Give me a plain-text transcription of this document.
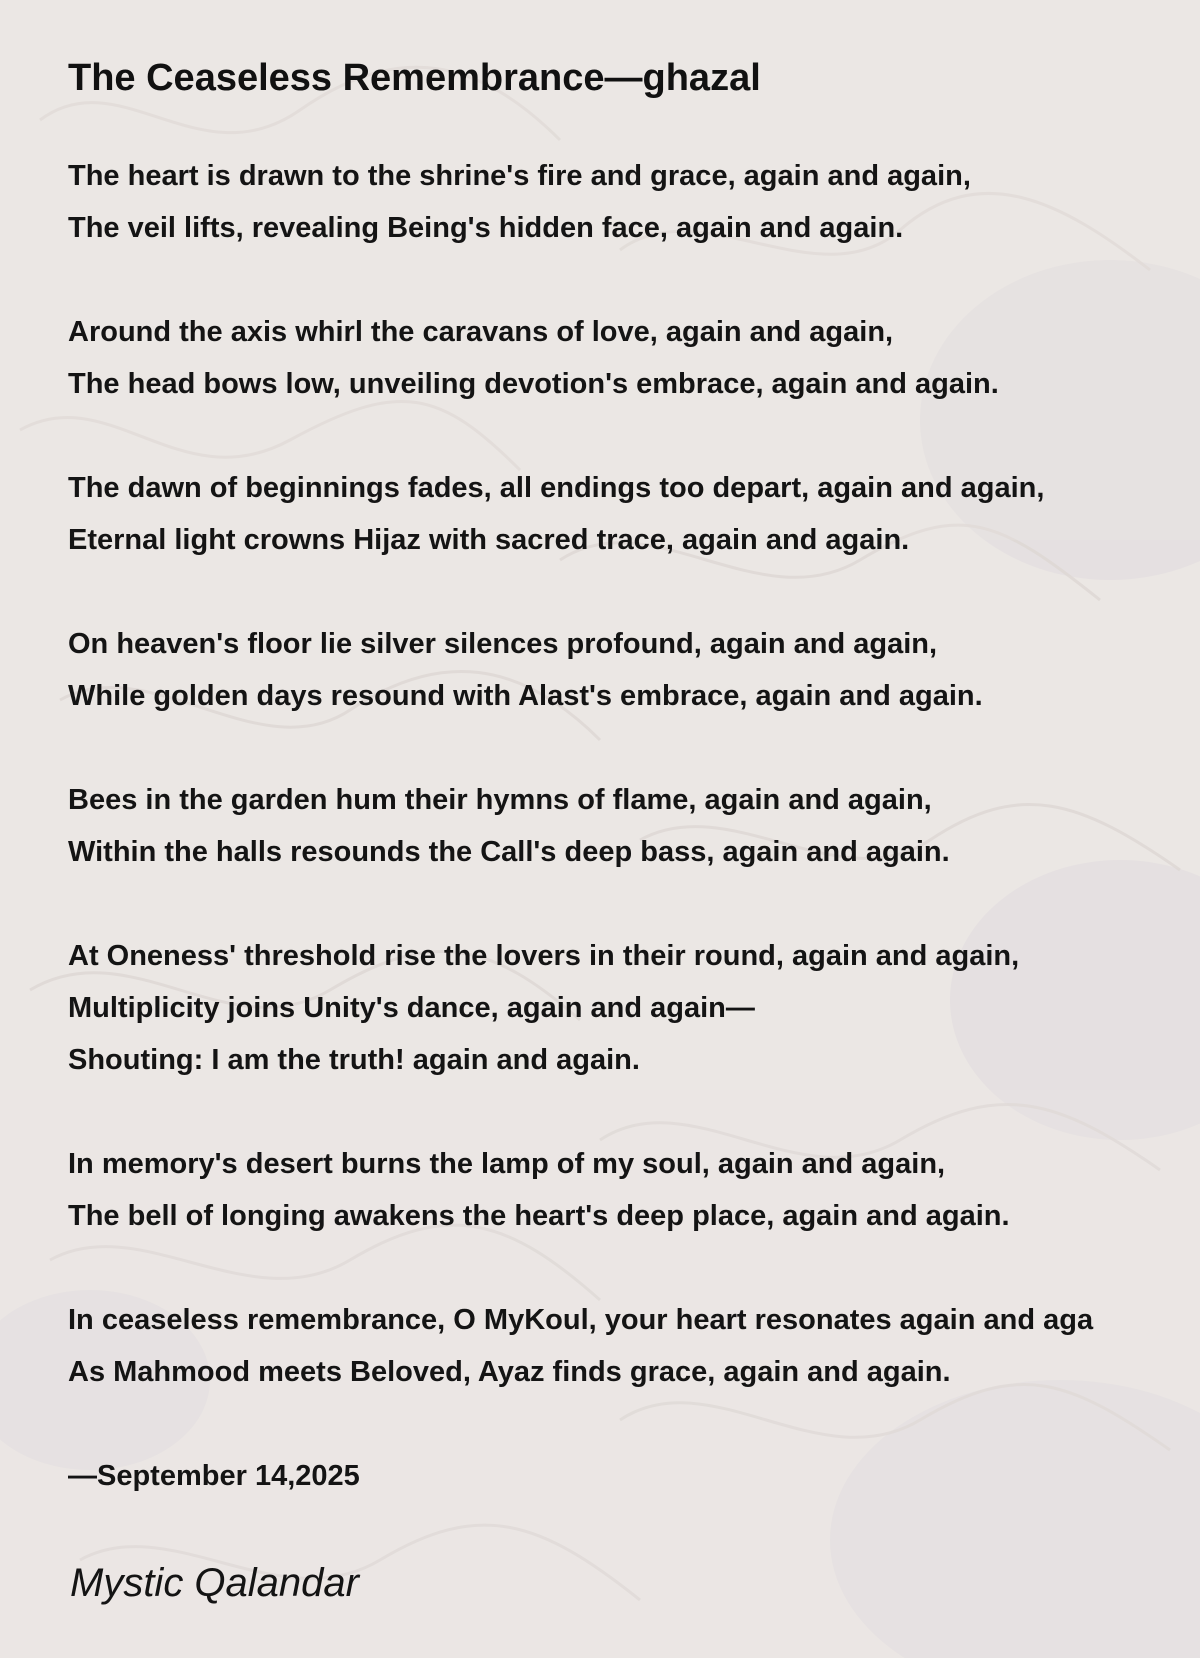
The Ceaseless Remembrance—ghazal
The heart is drawn to the shrine's fire and grace, again and again,
The veil lifts, revealing Being's hidden face, again and again.
Around the axis whirl the caravans of love, again and again,
The head bows low, unveiling devotion's embrace, again and again.
The dawn of beginnings fades, all endings too depart, again and again,
Eternal light crowns Hijaz with sacred trace, again and again.
On heaven's floor lie silver silences profound, again and again,
While golden days resound with Alast's embrace, again and again.
Bees in the garden hum their hymns of flame, again and again,
Within the halls resounds the Call's deep bass, again and again.
At Oneness' threshold rise the lovers in their round, again and again,
Multiplicity joins Unity's dance, again and again—
Shouting: I am the truth! again and again.
In memory's desert burns the lamp of my soul, again and again,
The bell of longing awakens the heart's deep place, again and again.
In ceaseless remembrance, O MyKoul, your heart resonates again and aga
As Mahmood meets Beloved, Ayaz finds grace, again and again.
—September 14,2025
Mystic Qalandar
